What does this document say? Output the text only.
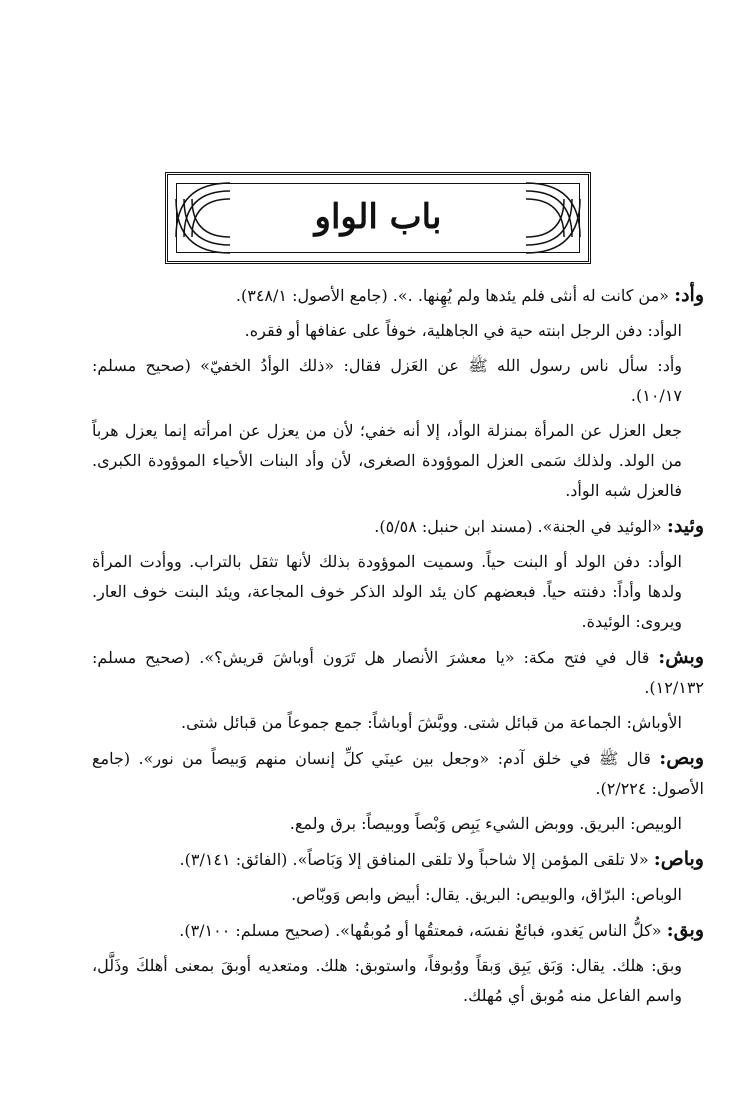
باب الواو

وأد: «من كانت له أنثى فلم يئدها ولم يُهِنها. .». (جامع الأصول: ٣٤٨/١).

الوأد: دفن الرجل ابنته حية في الجاهلية، خوفاً على عفافها أو فقره.

وأد: سأل ناس رسول الله ﷺ عن العَزل فقال: «ذلك الوأدُ الخفيّ» (صحيح مسلم: ١٠/١٧).

جعل العزل عن المرأة بمنزلة الوأد، إلا أنه خفي؛ لأن من يعزل عن امرأته إنما يعزل هرباً من الولد. ولذلك سَمى العزل الموؤودة الصغرى، لأن وأد البنات الأحياء الموؤودة الكبرى. فالعزل شبه الوأد.

وئيد: «الوئيد في الجنة». (مسند ابن حنبل: ٥/٥٨).

الوأد: دفن الولد أو البنت حياً. وسميت الموؤودة بذلك لأنها تثقل بالتراب. ووأدت المرأة ولدها وأداً: دفنته حياً. فبعضهم كان يئد الولد الذكر خوف المجاعة، ويئد البنت خوف العار. ويروى: الوئيدة.

وبش: قال في فتح مكة: «يا معشرَ الأنصار هل تَرَون أوباشَ قريش؟». (صحيح مسلم: ١٢/١٣٢).

الأوباش: الجماعة من قبائل شتى. ووبَّشَ أوباشاً: جمع جموعاً من قبائل شتى.

وبص: قال ﷺ في خلق آدم: «وجعل بين عينَي كلِّ إنسان منهم وَبيصاً من نور». (جامع الأصول: ٢/٢٢٤).

الوبيص: البريق. ووبض الشيء يَبِص وَبْصاً ووبيصاً: برق ولمع.

وباص: «لا تلقى المؤمن إلا شاحباً ولا تلقى المنافق إلا وَبَاصاً». (الفائق: ٣/١٤١).

الوباص: البرّاق، والوبيص: البريق. يقال: أبيض وابص وَوبّاص.

وبق: «كلُّ الناس يَغدو، فبائعٌ نفسَه، فمعتقُها أو مُوبقُها». (صحيح مسلم: ٣/١٠٠).

وبق: هلك. يقال: وَبَق يَبِق وَبقاً ووُبوقاً، واستوبق: هلك. ومتعديه أوبقَ بمعنى أهلكَ وذَلَّل، واسم الفاعل منه مُوبق أي مُهلك.
